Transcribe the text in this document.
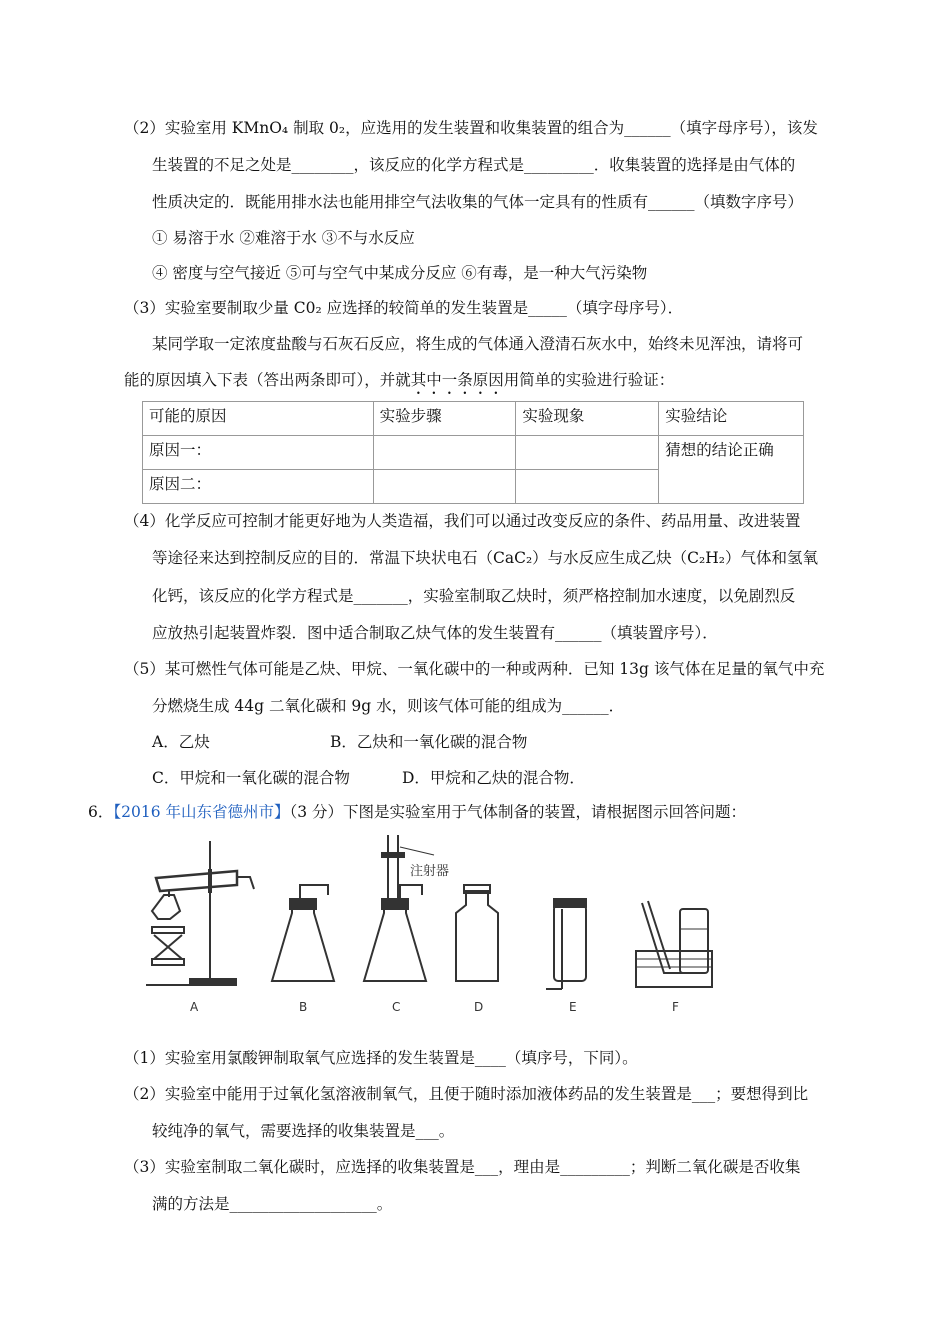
（2）实验室用 KMnO₄ 制取 0₂，应选用的发生装置和收集装置的组合为______（填字母序号），该发
生装置的不足之处是________，该反应的化学方程式是_________．收集装置的选择是由气体的
性质决定的．既能用排水法也能用排空气法收集的气体一定具有的性质有______（填数字序号）
① 易溶于水 ②难溶于水 ③不与水反应
④ 密度与空气接近 ⑤可与空气中某成分反应 ⑥有毒，是一种大气污染物
（3）实验室要制取少量 C0₂ 应选择的较简单的发生装置是_____（填字母序号）．
某同学取一定浓度盐酸与石灰石反应，将生成的气体通入澄清石灰水中，始终未见浑浊，请将可
能的原因填入下表（答出两条即可），并就其中一条原因用简单的实验进行验证：
可能的原因	实验步骤	实验现象	实验结论
原因一：			猜想的结论正确
原因二：			
（4）化学反应可控制才能更好地为人类造福，我们可以通过改变反应的条件、药品用量、改进装置
等途径来达到控制反应的目的．常温下块状电石（CaC₂）与水反应生成乙炔（C₂H₂）气体和氢氧
化钙，该反应的化学方程式是_______，实验室制取乙炔时，须严格控制加水速度，以免剧烈反
应放热引起装置炸裂．图中适合制取乙炔气体的发生装置有______（填装置序号）．
（5）某可燃性气体可能是乙炔、甲烷、一氧化碳中的一种或两种．已知 13g 该气体在足量的氧气中充
分燃烧生成 44g 二氧化碳和 9g 水，则该气体可能的组成为______．
A．乙炔	B．乙炔和一氧化碳的混合物
C．甲烷和一氧化碳的混合物	D．甲烷和乙炔的混合物．
6．【2016 年山东省德州市】（3 分）下图是实验室用于气体制备的装置，请根据图示回答问题：
A	B	C	D	E	F
注射器
（1）实验室用氯酸钾制取氧气应选择的发生装置是____（填序号，下同）。
（2）实验室中能用于过氧化氢溶液制氧气，且便于随时添加液体药品的发生装置是___；要想得到比
较纯净的氧气，需要选择的收集装置是___。
（3）实验室制取二氧化碳时，应选择的收集装置是___，理由是_________；判断二氧化碳是否收集
满的方法是___________________。
